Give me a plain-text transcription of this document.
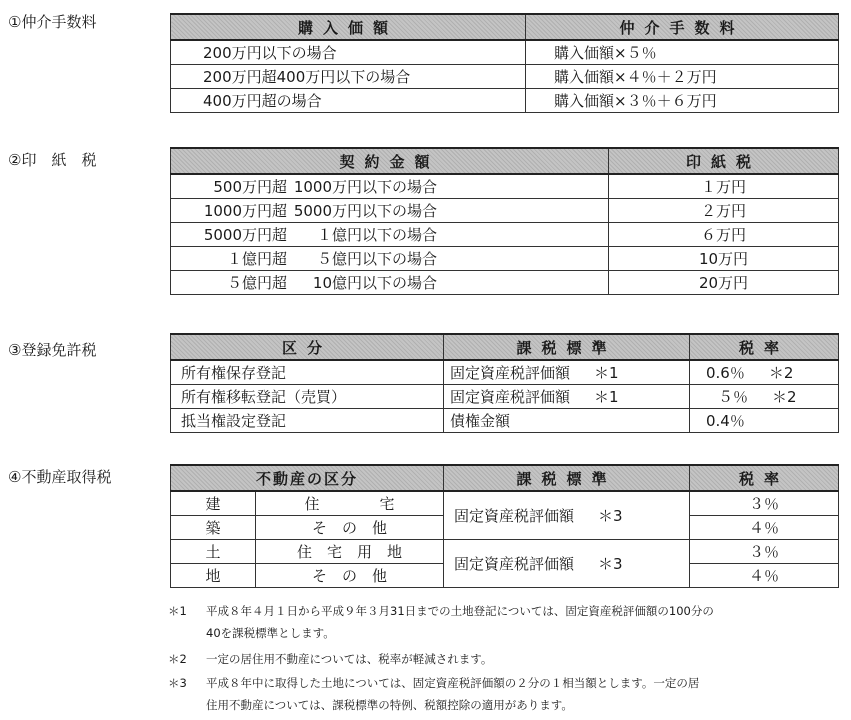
①仲介手数料	購入価額	仲介手数料
200万円以下の場合	購入価額×５％
200万円超400万円以下の場合	購入価額×４％＋２万円
400万円超の場合	購入価額×３％＋６万円
②印　紙　税	契約金額	印紙税
500万円超 1000万円以下の場合	１万円
1000万円超 5000万円以下の場合	２万円
5000万円超 １億円以下の場合	６万円
１億円超 ５億円以下の場合	10万円
５億円超 10億円以下の場合	20万円
③登録免許税	区分	課税標準	税率
所有権保存登記	固定資産税評価額 ＊1	0.6％ ＊2
所有権移転登記（売買）	固定資産税評価額 ＊1	５％ ＊2
抵当権設定登記	債権金額	0.4％
④不動産取得税	不動産の区分		課税標準	税率
建	住　　　　宅	固定資産税評価額 ＊3	３％
築	そ　の　他		４％
土	住　宅　用　地	固定資産税評価額 ＊3	３％
地	そ　の　他		４％
＊1	平成８年４月１日から平成９年３月31日までの土地登記については、固定資産税評価額の100分の
40を課税標準とします。
＊2	一定の居住用不動産については、税率が軽減されます。
＊3	平成８年中に取得した土地については、固定資産税評価額の２分の１相当額とします。一定の居
住用不動産については、課税標準の特例、税額控除の適用があります。
